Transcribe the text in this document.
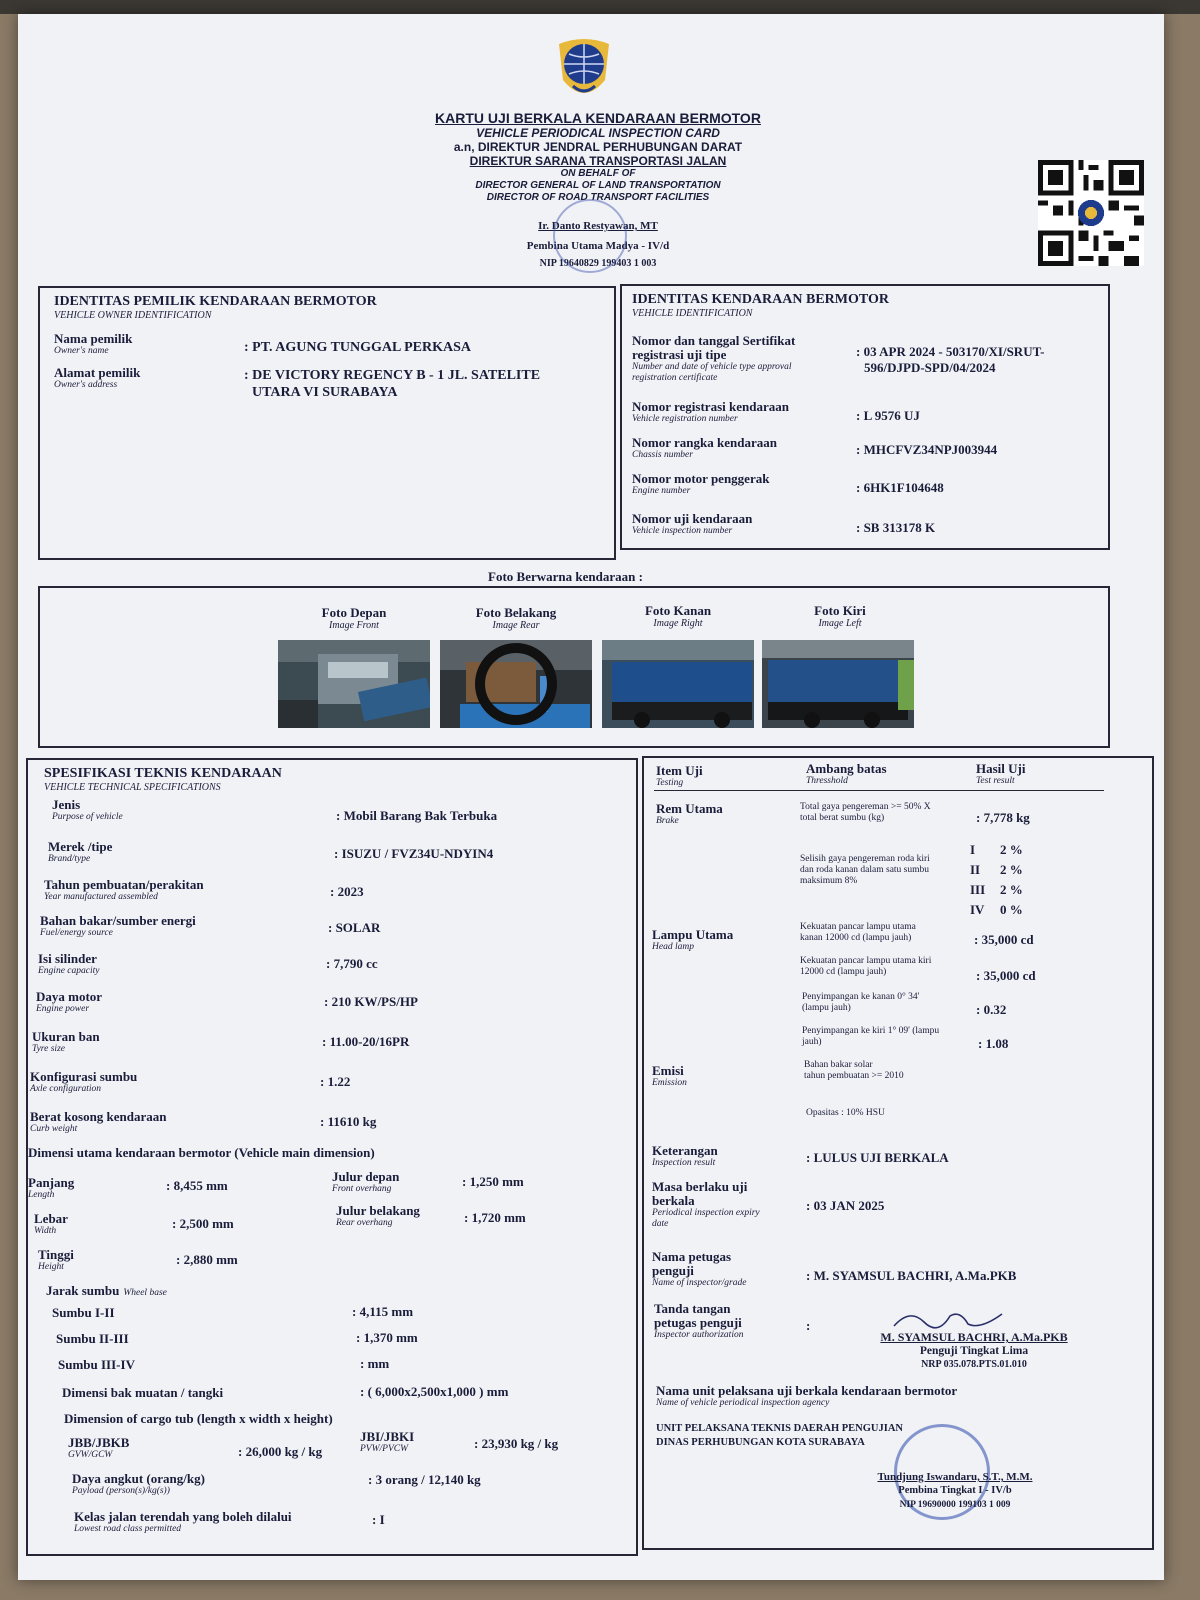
KARTU UJI BERKALA KENDARAAN BERMOTOR
VEHICLE PERIODICAL INSPECTION CARD
a.n, DIREKTUR JENDRAL PERHUBUNGAN DARAT
DIREKTUR SARANA TRANSPORTASI JALAN
ON BEHALF OF
DIRECTOR GENERAL OF LAND TRANSPORTATION
DIRECTOR OF ROAD TRANSPORT FACILITIES
Ir. Danto Restyawan, MT
Pembina Utama Madya - IV/d
NIP 19640829 199403 1 003
IDENTITAS PEMILIK KENDARAAN BERMOTOR
VEHICLE OWNER IDENTIFICATION
Nama pemilik
Owner's name	: PT. AGUNG TUNGGAL PERKASA
Alamat pemilik
Owner's address
: DE VICTORY REGENCY B - 1 JL. SATELITE
UTARA VI SURABAYA
IDENTITAS KENDARAAN BERMOTOR
VEHICLE IDENTIFICATION
Nomor dan tanggal Sertifikat
registrasi uji tipe
Number and date of vehicle type approval
registration certificate
: 03 APR 2024 - 503170/XI/SRUT-
596/DJPD-SPD/04/2024
Nomor registrasi kendaraan
Vehicle registration number	: L 9576 UJ
Nomor rangka kendaraan
Chassis number	: MHCFVZ34NPJ003944
Nomor motor penggerak
Engine number	: 6HK1F104648
Nomor uji kendaraan
Vehicle inspection number	: SB 313178 K
Foto Berwarna kendaraan :
Foto Depan
Image Front
Foto Belakang
Image Rear
Foto Kanan
Image Right
Foto Kiri
Image Left
SPESIFIKASI TEKNIS KENDARAAN
VEHICLE TECHNICAL SPECIFICATIONS
Jenis
Purpose of vehicle	: Mobil Barang Bak Terbuka
Merek /tipe
Brand/type	: ISUZU / FVZ34U-NDYIN4
Tahun pembuatan/perakitan
Year manufactured assembled	: 2023
Bahan bakar/sumber energi
Fuel/energy source	: SOLAR
Isi silinder
Engine capacity	: 7,790 cc
Daya motor
Engine power	: 210 KW/PS/HP
Ukuran ban
Tyre size	: 11.00-20/16PR
Konfigurasi sumbu
Axle configuration	: 1.22
Berat kosong kendaraan
Curb weight	: 11610 kg
Dimensi utama kendaraan bermotor (Vehicle main dimension)
Panjang
Length
: 8,455 mm
Julur depan
Front overhang	: 1,250 mm
Lebar
Width	: 2,500 mm
Julur belakang
Rear overhang	: 1,720 mm
Tinggi
Height	: 2,880 mm
Jarak sumbu Wheel base
Sumbu I-II	: 4,115 mm
Sumbu II-III	: 1,370 mm
Sumbu III-IV	: mm
Dimensi bak muatan / tangki	: ( 6,000x2,500x1,000 ) mm
Dimension of cargo tub (length x width x height)
JBB/JBKB
GVW/GCW	: 26,000 kg / kg
JBI/JBKI
PVW/PVCW	: 23,930 kg / kg
Daya angkut (orang/kg)
Payload (person(s)/kg(s))
: 3 orang / 12,140 kg
Kelas jalan terendah yang boleh dilalui
Lowest road class permitted
: I
Item Uji
Testing
Ambang batas
Thresshold
Hasil Uji
Test result
Rem Utama
Brake
Total gaya pengereman >= 50% X
total berat sumbu (kg)	: 7,778 kg
Selisih gaya pengereman roda kiri
dan roda kanan dalam satu sumbu
maksimum 8%
I 2 %
II 2 %
III 2 %
IV 0 %
Lampu Utama
Head lamp
Kekuatan pancar lampu utama
kanan 12000 cd (lampu jauh)	: 35,000 cd
Kekuatan pancar lampu utama kiri
12000 cd (lampu jauh)	: 35,000 cd
Penyimpangan ke kanan 0° 34'
(lampu jauh)	: 0.32
Penyimpangan ke kiri 1° 09' (lampu
jauh)	: 1.08
Emisi
Emission
Bahan bakar solar
tahun pembuatan >= 2010
Opasitas : 10% HSU
Keterangan
Inspection result	: LULUS UJI BERKALA
Masa berlaku uji
berkala
Periodical inspection expiry
date
: 03 JAN 2025
Nama petugas
penguji
Name of inspector/grade	: M. SYAMSUL BACHRI, A.Ma.PKB
Tanda tangan
petugas penguji
Inspector authorization
:
M. SYAMSUL BACHRI, A.Ma.PKB
Penguji Tingkat Lima
NRP 035.078.PTS.01.010
Nama unit pelaksana uji berkala kendaraan bermotor
Name of vehicle periodical inspection agency
UNIT PELAKSANA TEKNIS DAERAH PENGUJIAN
DINAS PERHUBUNGAN KOTA SURABAYA
Tundjung Iswandaru, S.T., M.M.
Pembina Tingkat I - IV/b
NIP 19690000 199103 1 009
